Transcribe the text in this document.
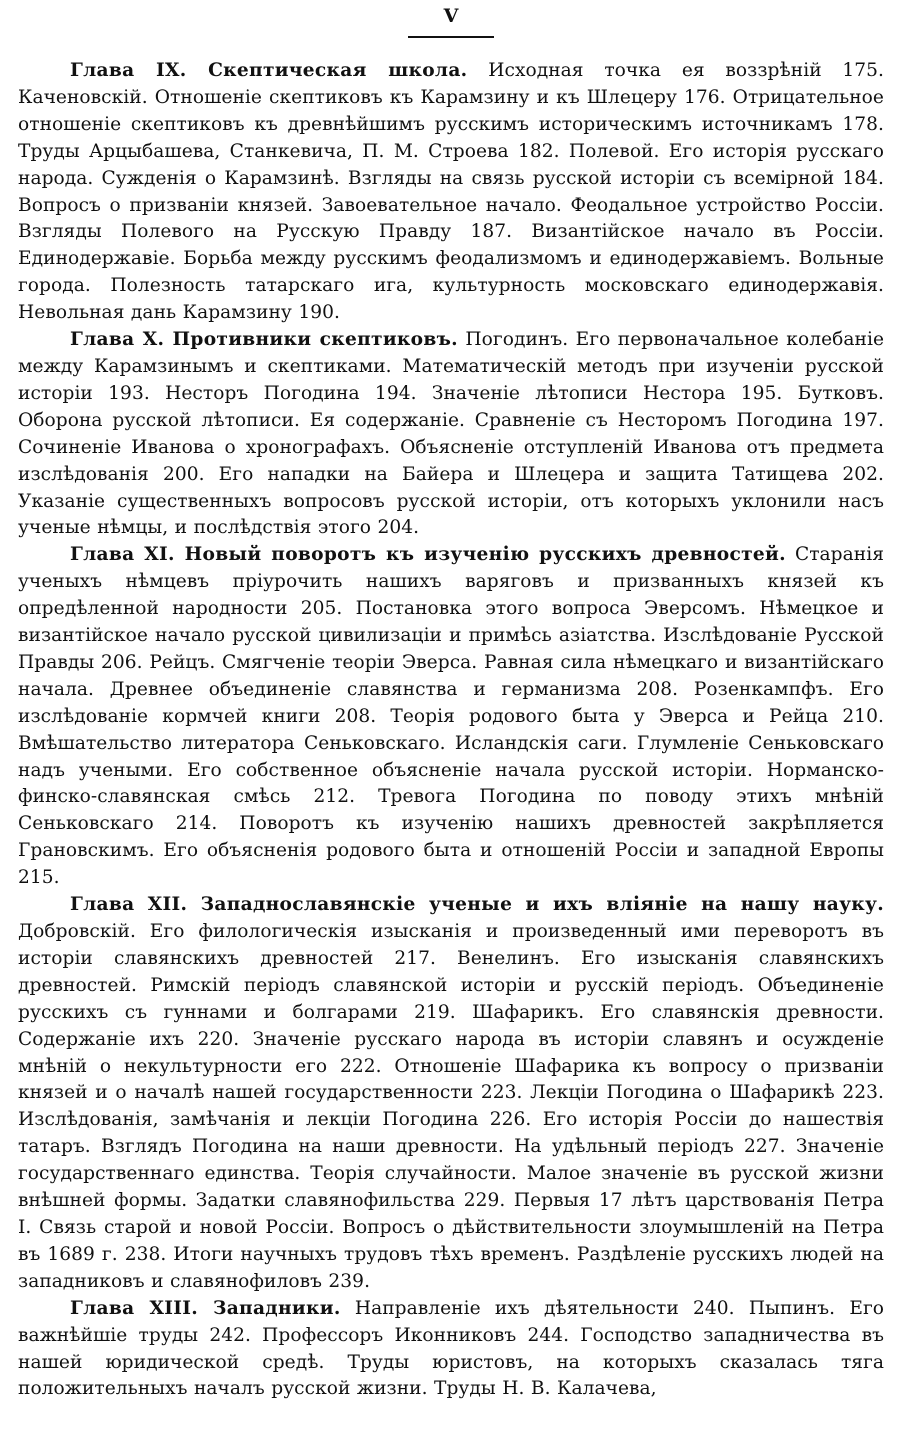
V

Глава IX. Скептическая школа. Исходная точка ея воззрѣнiй 175. Каченовскiй. Отношенiе скептиковъ къ Карамзину и къ Шлецеру 176. Отрицательное отношенiе скептиковъ къ древнѣйшимъ русскимъ историческимъ источникамъ 178. Труды Арцыбашева, Станкевича, П. М. Строева 182. Полевой. Его исторiя русскаго народа. Сужденiя о Карамзинѣ. Взгляды на связь русской исторiи съ всемiрной 184. Вопросъ о призванiи князей. Завоевательное начало. Феодальное устройство Россiи. Взгляды Полевого на Русскую Правду 187. Византiйское начало въ Россiи. Единодержавiе. Борьба между русскимъ феодализмомъ и единодержавiемъ. Вольные города. Полезность татарскаго ига, культурность московскаго единодержавiя. Невольная дань Карамзину 190.

Глава X. Противники скептиковъ. Погодинъ. Его первоначальное колебанiе между Карамзинымъ и скептиками. Математическiй методъ при изученiи русской исторiи 193. Несторъ Погодина 194. Значенiе лѣтописи Нестора 195. Бутковъ. Оборона русской лѣтописи. Ея содержанiе. Сравненiе съ Несторомъ Погодина 197. Сочиненiе Иванова о хронографахъ. Объясненiе отступленiй Иванова отъ предмета изслѣдованiя 200. Его нападки на Байера и Шлецера и защита Татищева 202. Указанiе существенныхъ вопросовъ русской исторiи, отъ которыхъ уклонили насъ ученые нѣмцы, и послѣдствiя этого 204.

Глава XI. Новый поворотъ къ изученiю русскихъ древностей. Старанiя ученыхъ нѣмцевъ прiурочить нашихъ варяговъ и призванныхъ князей къ опредѣленной народности 205. Постановка этого вопроса Эверсомъ. Нѣмецкое и византiйское начало русской цивилизацiи и примѣсь азiатства. Изслѣдованiе Русской Правды 206. Рейцъ. Смягченiе теорiи Эверса. Равная сила нѣмецкаго и византiйскаго начала. Древнее объединенiе славянства и германизма 208. Розенкампфъ. Его изслѣдованiе кормчей книги 208. Теорiя родового быта у Эверса и Рейца 210. Вмѣшательство литератора Сеньковскаго. Исландскiя саги. Глумленiе Сеньковскаго надъ учеными. Его собственное объясненiе начала русской исторiи. Норманско-финско-славянская смѣсь 212. Тревога Погодина по поводу этихъ мнѣнiй Сеньковскаго 214. Поворотъ къ изученiю нашихъ древностей закрѣпляется Грановскимъ. Его объясненiя родового быта и отношенiй Россiи и западной Европы 215.

Глава XII. Западнославянскiе ученые и ихъ влiянiе на нашу науку. Добровскiй. Его филологическiя изысканiя и произведенный ими переворотъ въ исторiи славянскихъ древностей 217. Венелинъ. Его изысканiя славянскихъ древностей. Римскiй перiодъ славянской исторiи и русскiй перiодъ. Объединенiе русскихъ съ гуннами и болгарами 219. Шафарикъ. Его славянскiя древности. Содержанiе ихъ 220. Значенiе русскаго народа въ исторiи славянъ и осужденiе мнѣнiй о некультурности его 222. Отношенiе Шафарика къ вопросу о призванiи князей и о началѣ нашей государственности 223. Лекцiи Погодина о Шафарикѣ 223. Изслѣдованiя, замѣчанiя и лекцiи Погодина 226. Его исторiя Россiи до нашествiя татаръ. Взглядъ Погодина на наши древности. На удѣльный перiодъ 227. Значенiе государственнаго единства. Теорiя случайности. Малое значенiе въ русской жизни внѣшней формы. Задатки славянофильства 229. Первыя 17 лѣтъ царствованiя Петра I. Связь старой и новой Россiи. Вопросъ о дѣйствительности злоумышленiй на Петра въ 1689 г. 238. Итоги научныхъ трудовъ тѣхъ временъ. Раздѣленiе русскихъ людей на западниковъ и славянофиловъ 239.

Глава XIII. Западники. Направленiе ихъ дѣятельности 240. Пыпинъ. Его важнѣйшiе труды 242. Профессоръ Иконниковъ 244. Господство западничества въ нашей юридической средѣ. Труды юристовъ, на которыхъ сказалась тяга положительныхъ началъ русской жизни. Труды Н. В. Калачева,
